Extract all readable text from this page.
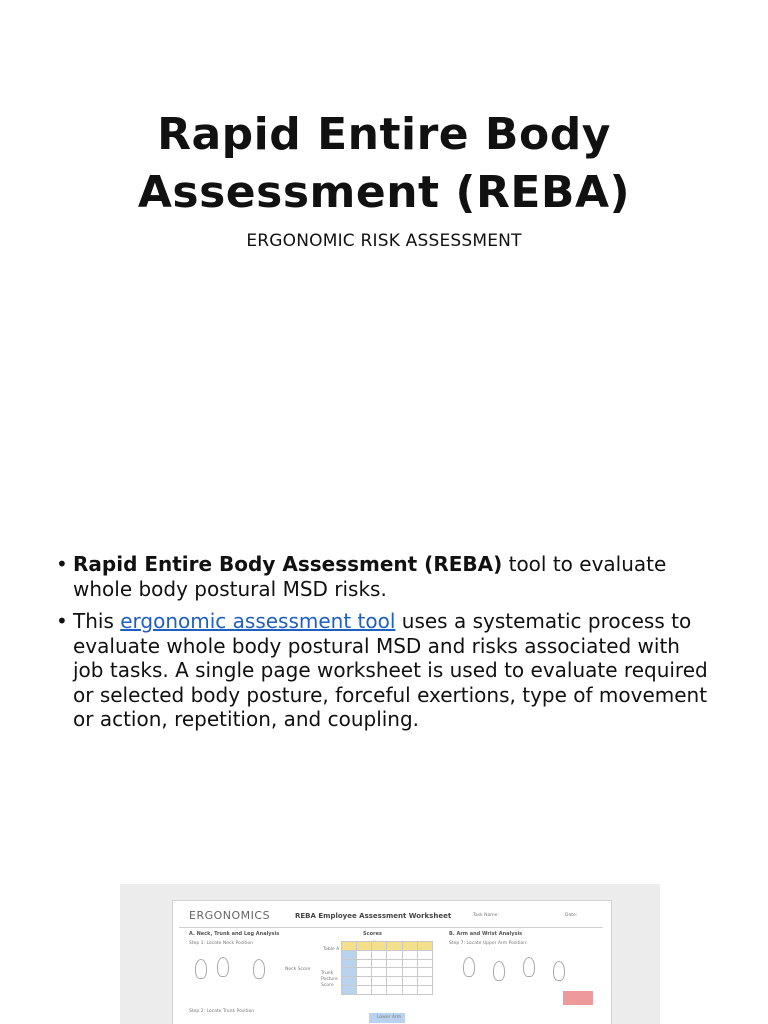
Rapid Entire Body
Assessment (REBA)
ERGONOMIC RISK ASSESSMENT
• Rapid Entire Body Assessment (REBA) tool to evaluate whole body postural MSD risks.
• This ergonomic assessment tool uses a systematic process to evaluate whole body postural MSD and risks associated with job tasks. A single page worksheet is used to evaluate required or selected body posture, forceful exertions, type of movement or action, repetition, and coupling.
ERGONOMICS	REBA Employee Assessment Worksheet	Task Name:	Date:
A. Neck, Trunk and Leg Analysis	Scores	B. Arm and Wrist Analysis
Step 1: Locate Neck Position	Step 7: Locate Upper Arm Position:
Step 2: Locate Trunk Position
Neck Score
Table A
Trunk
Posture
Score

Lower Arm
